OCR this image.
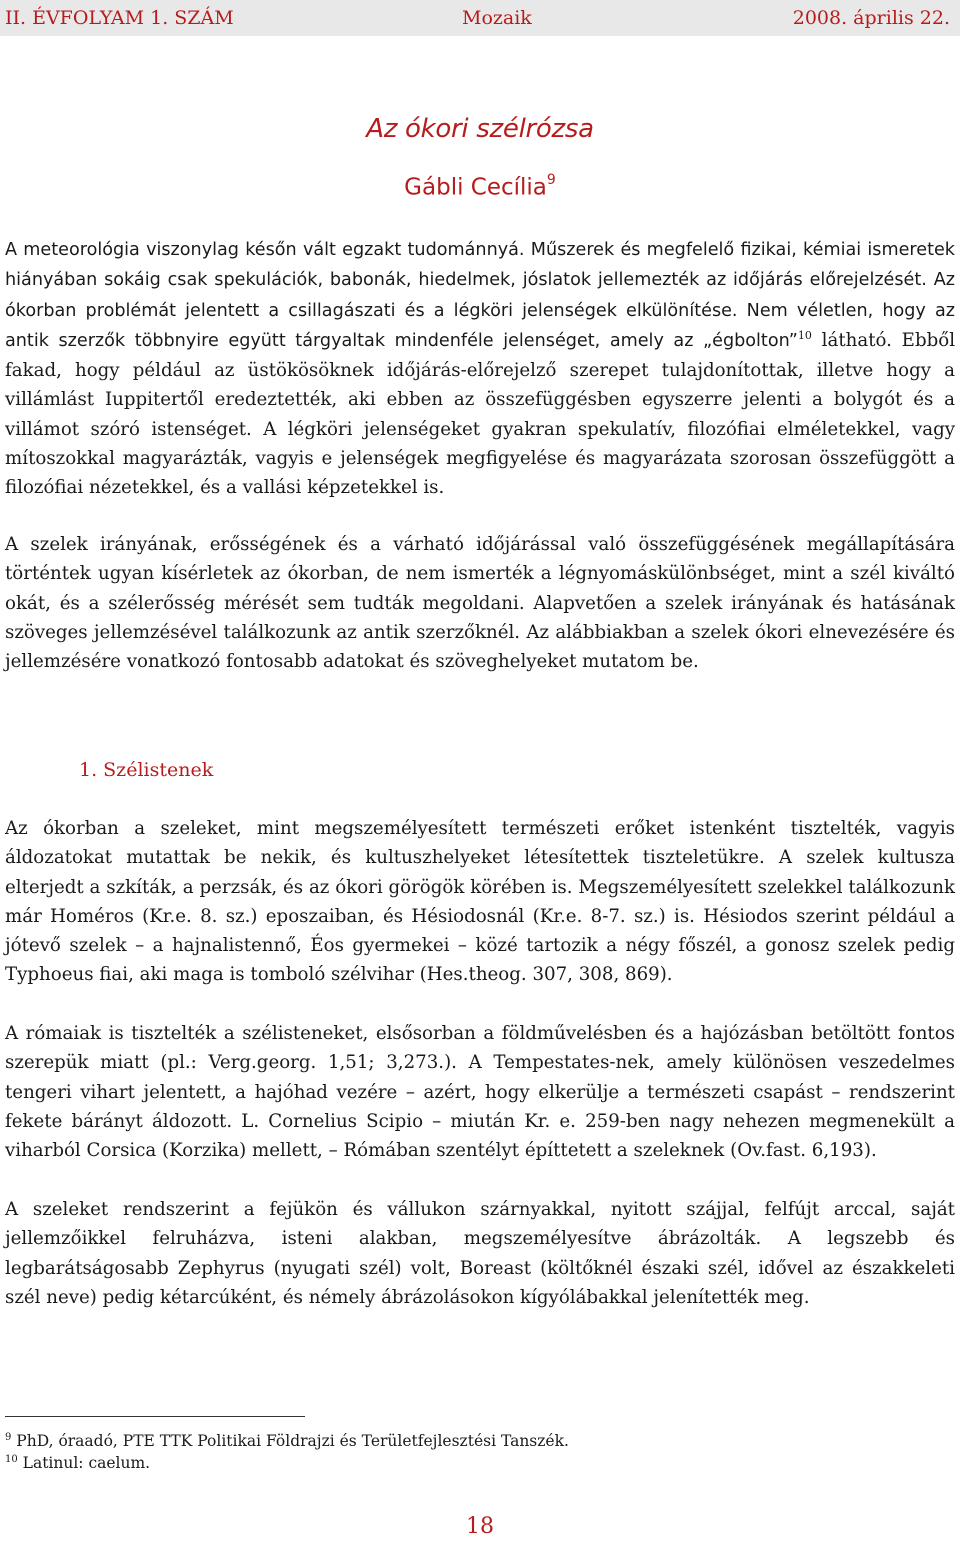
II. ÉVFOLYAM 1. SZÁM	Mozaik	2008. április 22.
Az ókori szélrózsa
Gábli Cecília$^9$

A meteorológia viszonylag későn vált egzakt tudománnyá. Műszerek és megfelelő fizikai, kémiai ismeretek hiányában sokáig csak spekulációk, babonák, hiedelmek, jóslatok jellemezték az időjárás előrejelzését. Az ókorban problémát jelentett a csillagászati és a légköri jelenségek elkülönítése. Nem véletlen, hogy az antik szerzők többnyire együtt tárgyaltak mindenféle jelenséget, amely az „égbolton”$^{10}$ látható. Ebből fakad, hogy például az üstökösöknek időjárás-előrejelző szerepet tulajdonítottak, illetve hogy a villámlást Iuppitertől eredeztették, aki ebben az összefüggésben egyszerre jelenti a bolygót és a villámot szóró istenséget. A légköri jelenségeket gyakran spekulatív, filozófiai elméletekkel, vagy mítoszokkal magyarázták, vagyis e jelenségek megfigyelése és magyarázata szorosan összefüggött a filozófiai nézetekkel, és a vallási képzetekkel is.

A szelek irányának, erősségének és a várható időjárással való összefüggésének megállapítására történtek ugyan kísérletek az ókorban, de nem ismerték a légnyomáskülönbséget, mint a szél kiváltó okát, és a szélerősség mérését sem tudták megoldani. Alapvetően a szelek irányának és hatásának szöveges jellemzésével találkozunk az antik szerzőknél. Az alábbiakban a szelek ókori elnevezésére és jellemzésére vonatkozó fontosabb adatokat és szöveghelyeket mutatom be.

1. Szélistenek

Az ókorban a szeleket, mint megszemélyesített természeti erőket istenként tisztelték, vagyis áldozatokat mutattak be nekik, és kultuszhelyeket létesítettek tiszteletükre. A szelek kultusza elterjedt a szkíták, a perzsák, és az ókori görögök körében is. Megszemélyesített szelekkel találkozunk már Homéros (Kr.e. 8. sz.) eposzaiban, és Hésiodosnál (Kr.e. 8-7. sz.) is. Hésiodos szerint például a jótevő szelek – a hajnalistennő, Éos gyermekei – közé tartozik a négy főszél, a gonosz szelek pedig Typhoeus fiai, aki maga is tomboló szélvihar (Hes.theog. 307, 308, 869).

A rómaiak is tisztelték a szélisteneket, elsősorban a földművelésben és a hajózásban betöltött fontos szerepük miatt (pl.: Verg.georg. 1,51; 3,273.). A Tempestates-nek, amely különösen veszedelmes tengeri vihart jelentett, a hajóhad vezére – azért, hogy elkerülje a természeti csapást – rendszerint fekete bárányt áldozott. L. Cornelius Scipio – miután Kr. e. 259-ben nagy nehezen megmenekült a viharból Corsica (Korzika) mellett, – Rómában szentélyt építtetett a szeleknek (Ov.fast. 6,193).

A szeleket rendszerint a fejükön és vállukon szárnyakkal, nyitott szájjal, felfújt arccal, saját jellemzőikkel felruházva, isteni alakban, megszemélyesítve ábrázolták. A legszebb és legbarátságosabb Zephyrus (nyugati szél) volt, Boreast (költőknél északi szél, idővel az északkeleti szél neve) pedig kétarcúként, és némely ábrázolásokon kígyólábakkal jelenítették meg.

$^9$ PhD, óraadó, PTE TTK Politikai Földrajzi és Területfejlesztési Tanszék.
$^{10}$ Latinul: caelum.
18
